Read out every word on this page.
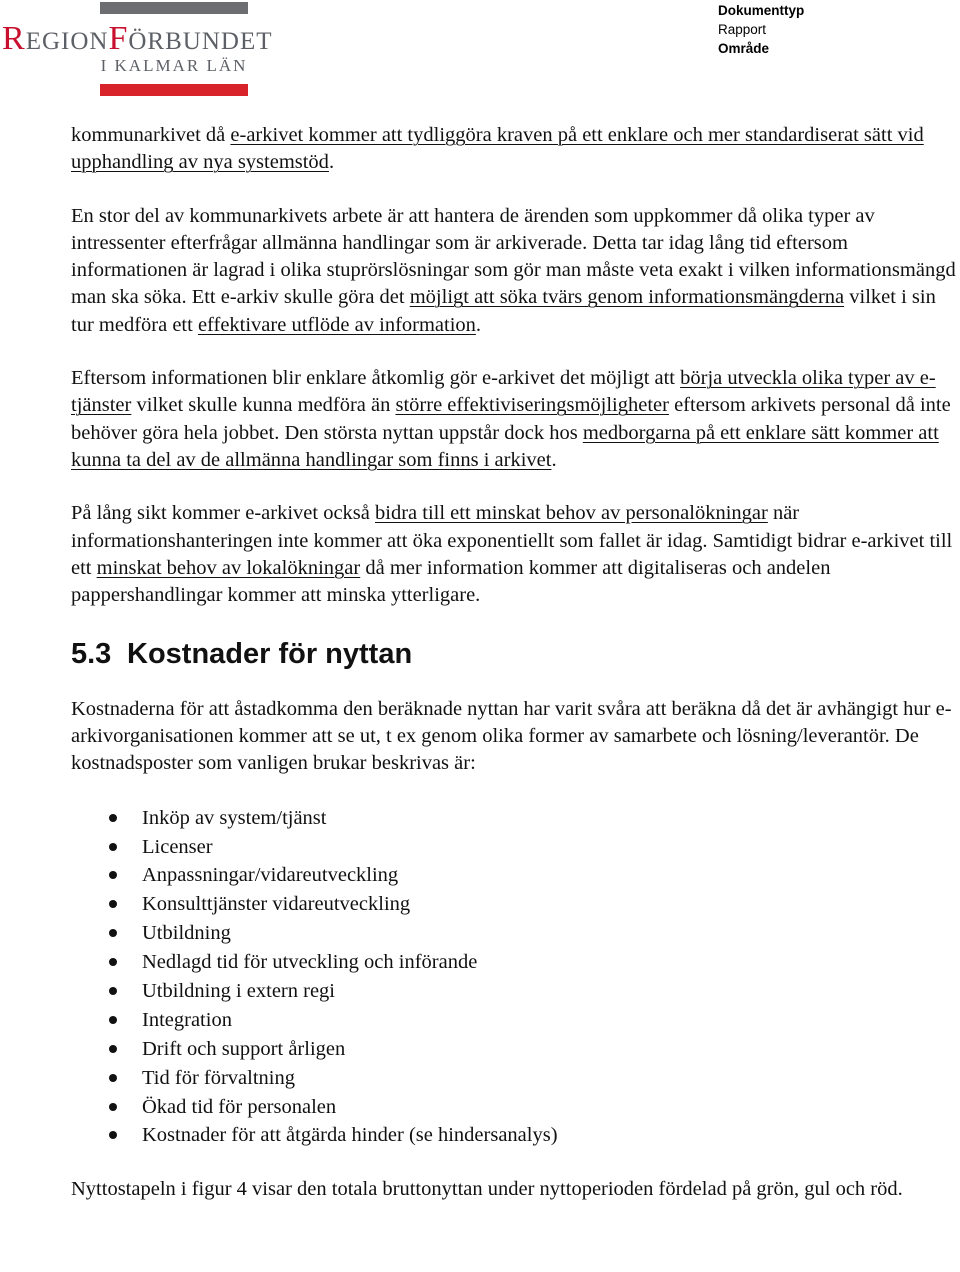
REGIONFÖRBUNDET
I KALMAR LÄN
Dokumenttyp
Rapport
Område

kommunarkivet då e-arkivet kommer att tydliggöra kraven på ett enklare och mer standardiserat sätt vid upphandling av nya systemstöd.

En stor del av kommunarkivets arbete är att hantera de ärenden som uppkommer då olika typer av intressenter efterfrågar allmänna handlingar som är arkiverade. Detta tar idag lång tid eftersom informationen är lagrad i olika stuprörslösningar som gör man måste veta exakt i vilken informationsmängd man ska söka. Ett e-arkiv skulle göra det möjligt att söka tvärs genom informationsmängderna vilket i sin tur medföra ett effektivare utflöde av information.

Eftersom informationen blir enklare åtkomlig gör e-arkivet det möjligt att börja utveckla olika typer av e-tjänster vilket skulle kunna medföra än större effektiviseringsmöjligheter eftersom arkivets personal då inte behöver göra hela jobbet. Den största nyttan uppstår dock hos medborgarna på ett enklare sätt kommer att kunna ta del av de allmänna handlingar som finns i arkivet.

På lång sikt kommer e-arkivet också bidra till ett minskat behov av personalökningar när informationshanteringen inte kommer att öka exponentiellt som fallet är idag. Samtidigt bidrar e-arkivet till ett minskat behov av lokalökningar då mer information kommer att digitaliseras och andelen pappershandlingar kommer att minska ytterligare.

5.3 Kostnader för nyttan

Kostnaderna för att åstadkomma den beräknade nyttan har varit svåra att beräkna då det är avhängigt hur e-arkivorganisationen kommer att se ut, t ex genom olika former av samarbete och lösning/leverantör. De kostnadsposter som vanligen brukar beskrivas är:

Inköp av system/tjänst
Licenser
Anpassningar/vidareutveckling
Konsulttjänster vidareutveckling
Utbildning
Nedlagd tid för utveckling och införande
Utbildning i extern regi
Integration
Drift och support årligen
Tid för förvaltning
Ökad tid för personalen
Kostnader för att åtgärda hinder (se hindersanalys)

Nyttostapeln i figur 4 visar den totala bruttonyttan under nyttoperioden fördelad på grön, gul och röd.
